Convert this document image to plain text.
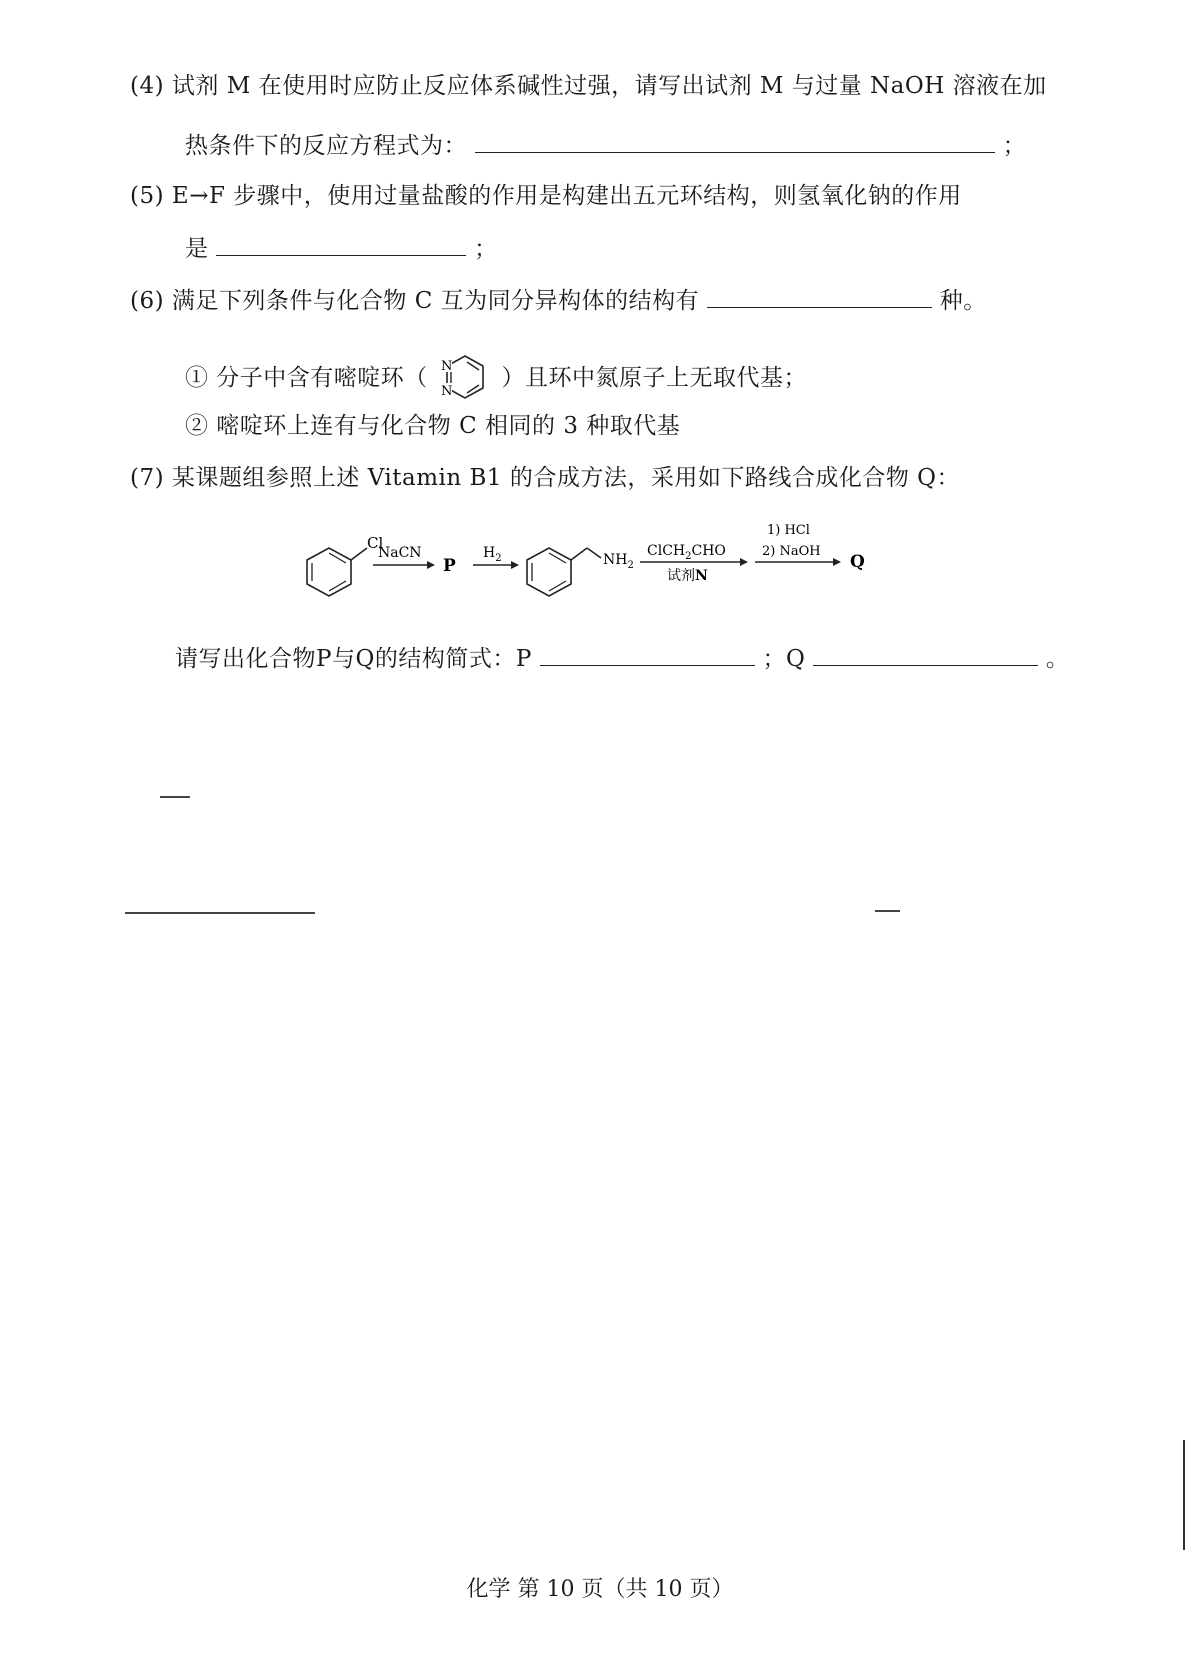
(4) 试剂 M 在使用时应防止反应体系碱性过强，请写出试剂 M 与过量 NaOH 溶液在加
热条件下的反应方程式为：	；
(5) E→F 步骤中，使用过量盐酸的作用是构建出五元环结构，则氢氧化钠的作用
是	；
(6) 满足下列条件与化合物 C 互为同分异构体的结构有	种。
① 分子中含有嘧啶环（ N
N
）且环中氮原子上无取代基；
② 嘧啶环上连有与化合物 C 相同的 3 种取代基
(7) 某课题组参照上述 Vitamin B1 的合成方法，采用如下路线合成化合物 Q：
Cl
NaCN
P
$H_2$	$NH_2$
ClCH$_2$CHO
试剂N
1) HCl
2) NaOH
Q
请写出化合物P与Q的结构简式：P	；Q	。
化学 第 10 页（共 10 页）
